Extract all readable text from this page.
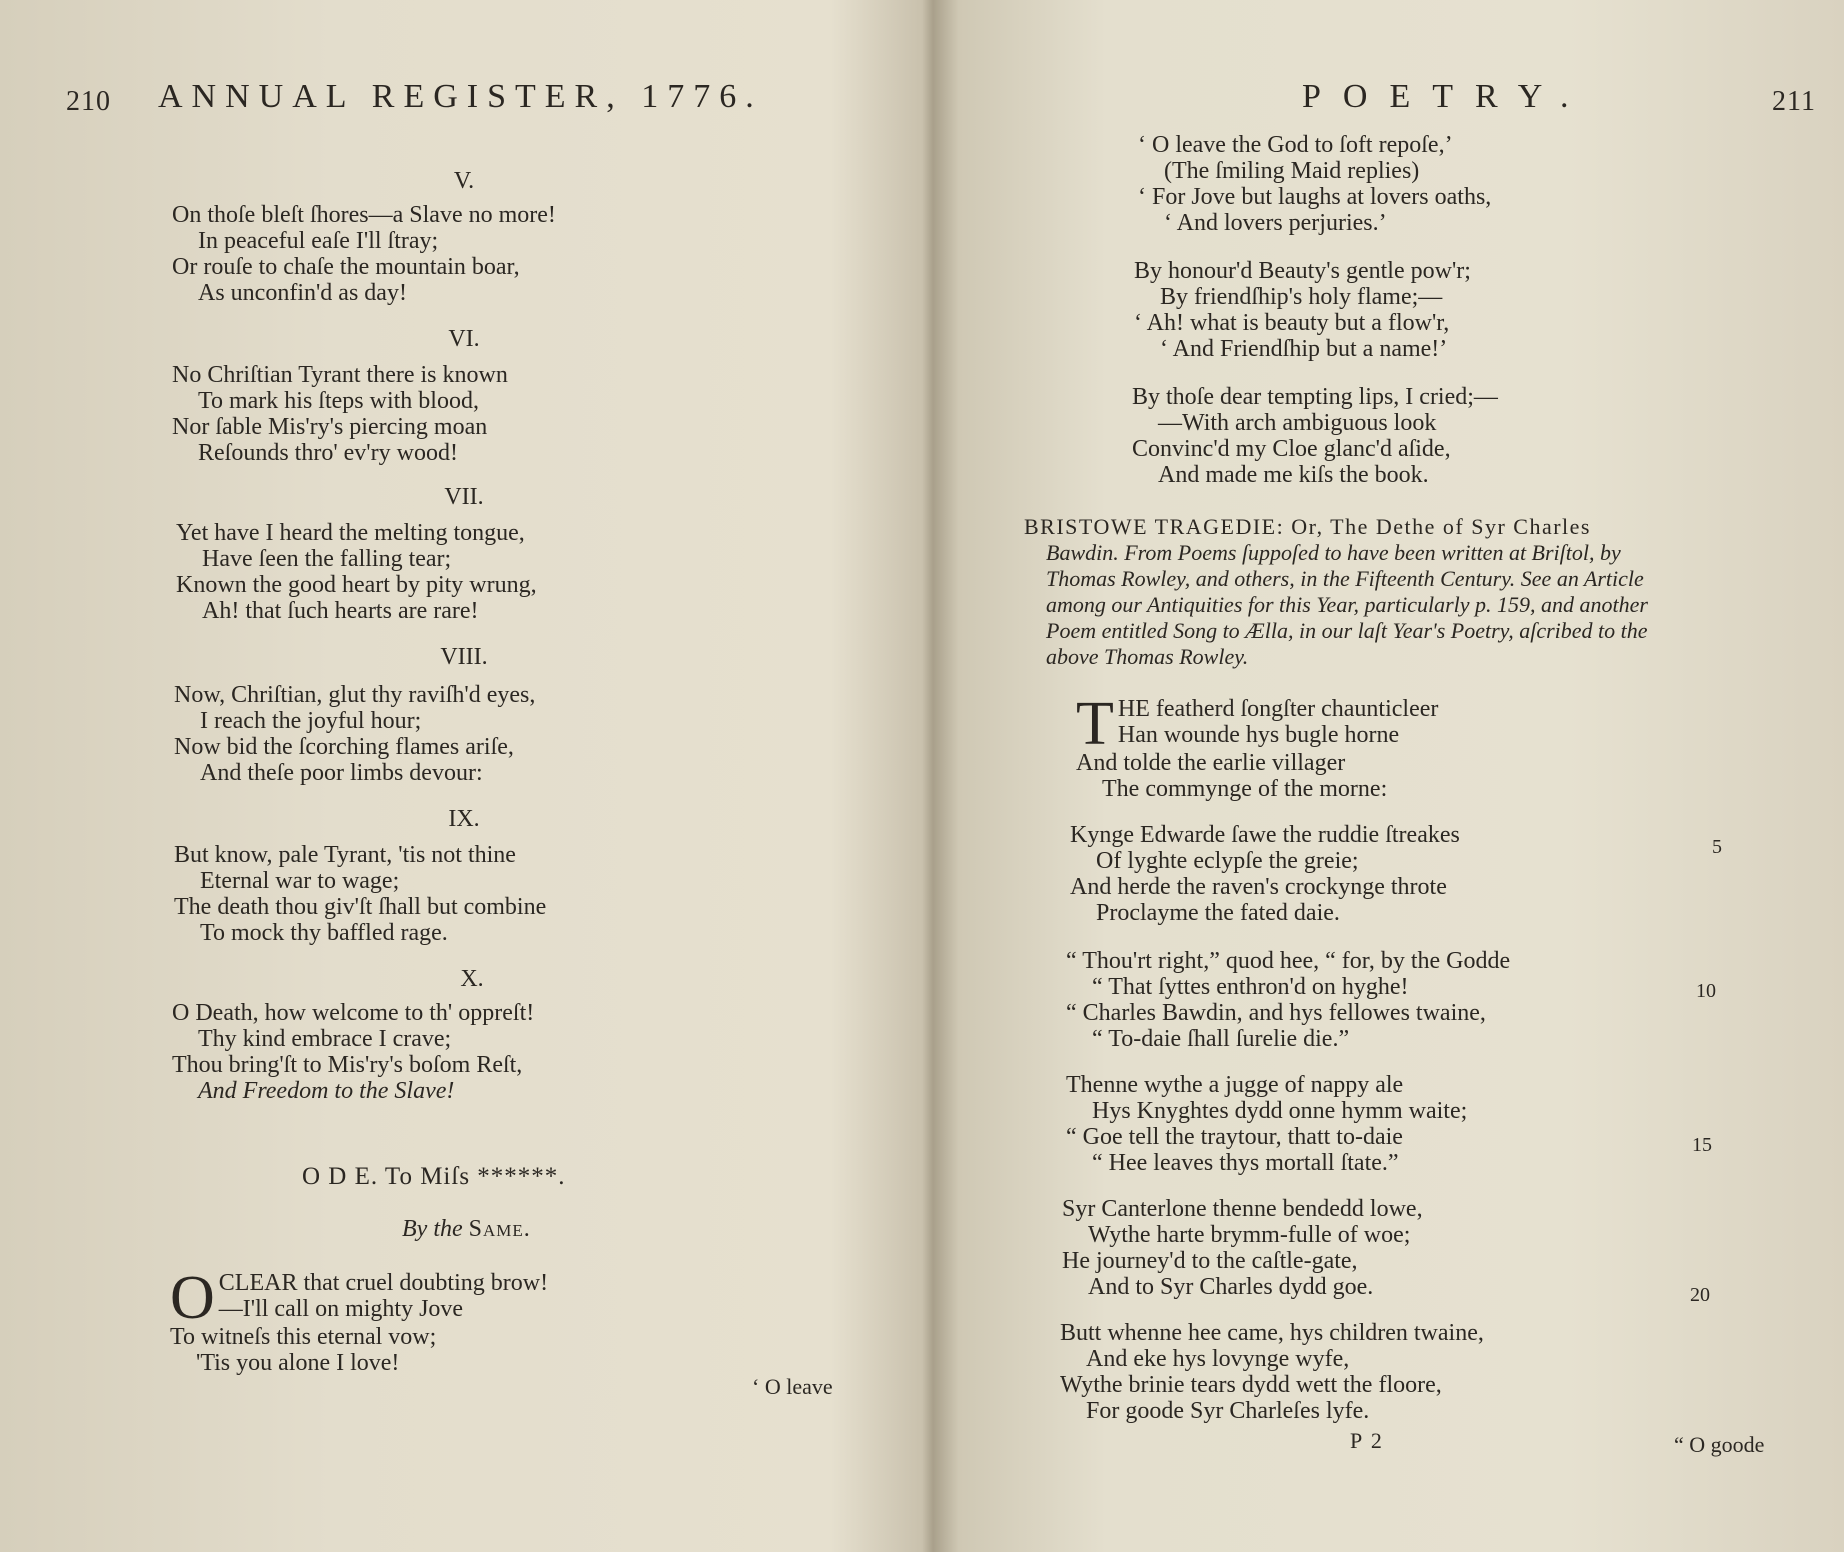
210 ANNUAL REGISTER, 1776.
V.
On thoſe bleſt ſhores—a Slave no more!
In peaceful eaſe I'll ſtray;
Or rouſe to chaſe the mountain boar,
As unconfin'd as day!
VI.
No Chriſtian Tyrant there is known
To mark his ſteps with blood,
Nor ſable Mis'ry's piercing moan
Reſounds thro' ev'ry wood!
VII.
Yet have I heard the melting tongue,
Have ſeen the falling tear;
Known the good heart by pity wrung,
Ah! that ſuch hearts are rare!
VIII.
Now, Chriſtian, glut thy raviſh'd eyes,
I reach the joyful hour;
Now bid the ſcorching flames ariſe,
And theſe poor limbs devour:
IX.
But know, pale Tyrant, 'tis not thine
Eternal war to wage;
The death thou giv'ſt ſhall but combine
To mock thy baffled rage.
X.
O Death, how welcome to th' oppreſt!
Thy kind embrace I crave;
Thou bring'ſt to Mis'ry's boſom Reſt,
And Freedom to the Slave!
O D E. To Miſs ******.
By the Same.
O CLEAR that cruel doubting brow!
—I'll call on mighty Jove
To witneſs this eternal vow;
'Tis you alone I love!
‘ O leave
POETRY.	211
‘ O leave the God to ſoft repoſe,’
(The ſmiling Maid replies)
‘ For Jove but laughs at lovers oaths,
‘ And lovers perjuries.’
By honour'd Beauty's gentle pow'r;
By friendſhip's holy flame;—
‘ Ah! what is beauty but a flow'r,
‘ And Friendſhip but a name!’
By thoſe dear tempting lips, I cried;—
—With arch ambiguous look
Convinc'd my Cloe glanc'd aſide,
And made me kiſs the book.
BRISTOWE TRAGEDIE: Or, The Dethe of Syr Charles
Bawdin. From Poems ſuppoſed to have been written at Briſtol, by
Thomas Rowley, and others, in the Fifteenth Century. See an Article
among our Antiquities for this Year, particularly p. 159, and another
Poem entitled Song to Ælla, in our laſt Year's Poetry, aſcribed to the
above Thomas Rowley.
T HE featherd ſongſter chaunticleer
Han wounde hys bugle horne
And tolde the earlie villager
The commynge of the morne:
Kynge Edwarde ſawe the ruddie ſtreakes
Of lyghte eclypſe the greie;
And herde the raven's crockynge throte
Proclayme the fated daie.
“ Thou'rt right,” quod hee, “ for, by the Godde
“ That ſyttes enthron'd on hyghe!
“ Charles Bawdin, and hys fellowes twaine,
“ To-daie ſhall ſurelie die.”
Thenne wythe a jugge of nappy ale
Hys Knyghtes dydd onne hymm waite;
“ Goe tell the traytour, thatt to-daie
“ Hee leaves thys mortall ſtate.”
Syr Canterlone thenne bendedd lowe,
Wythe harte brymm-fulle of woe;
He journey'd to the caſtle-gate,
And to Syr Charles dydd goe.
Butt whenne hee came, hys children twaine,
And eke hys lovynge wyfe,
Wythe brinie tears dydd wett the floore,
For goode Syr Charleſes lyfe.
5
10
15
20
P 2	“ O goode
